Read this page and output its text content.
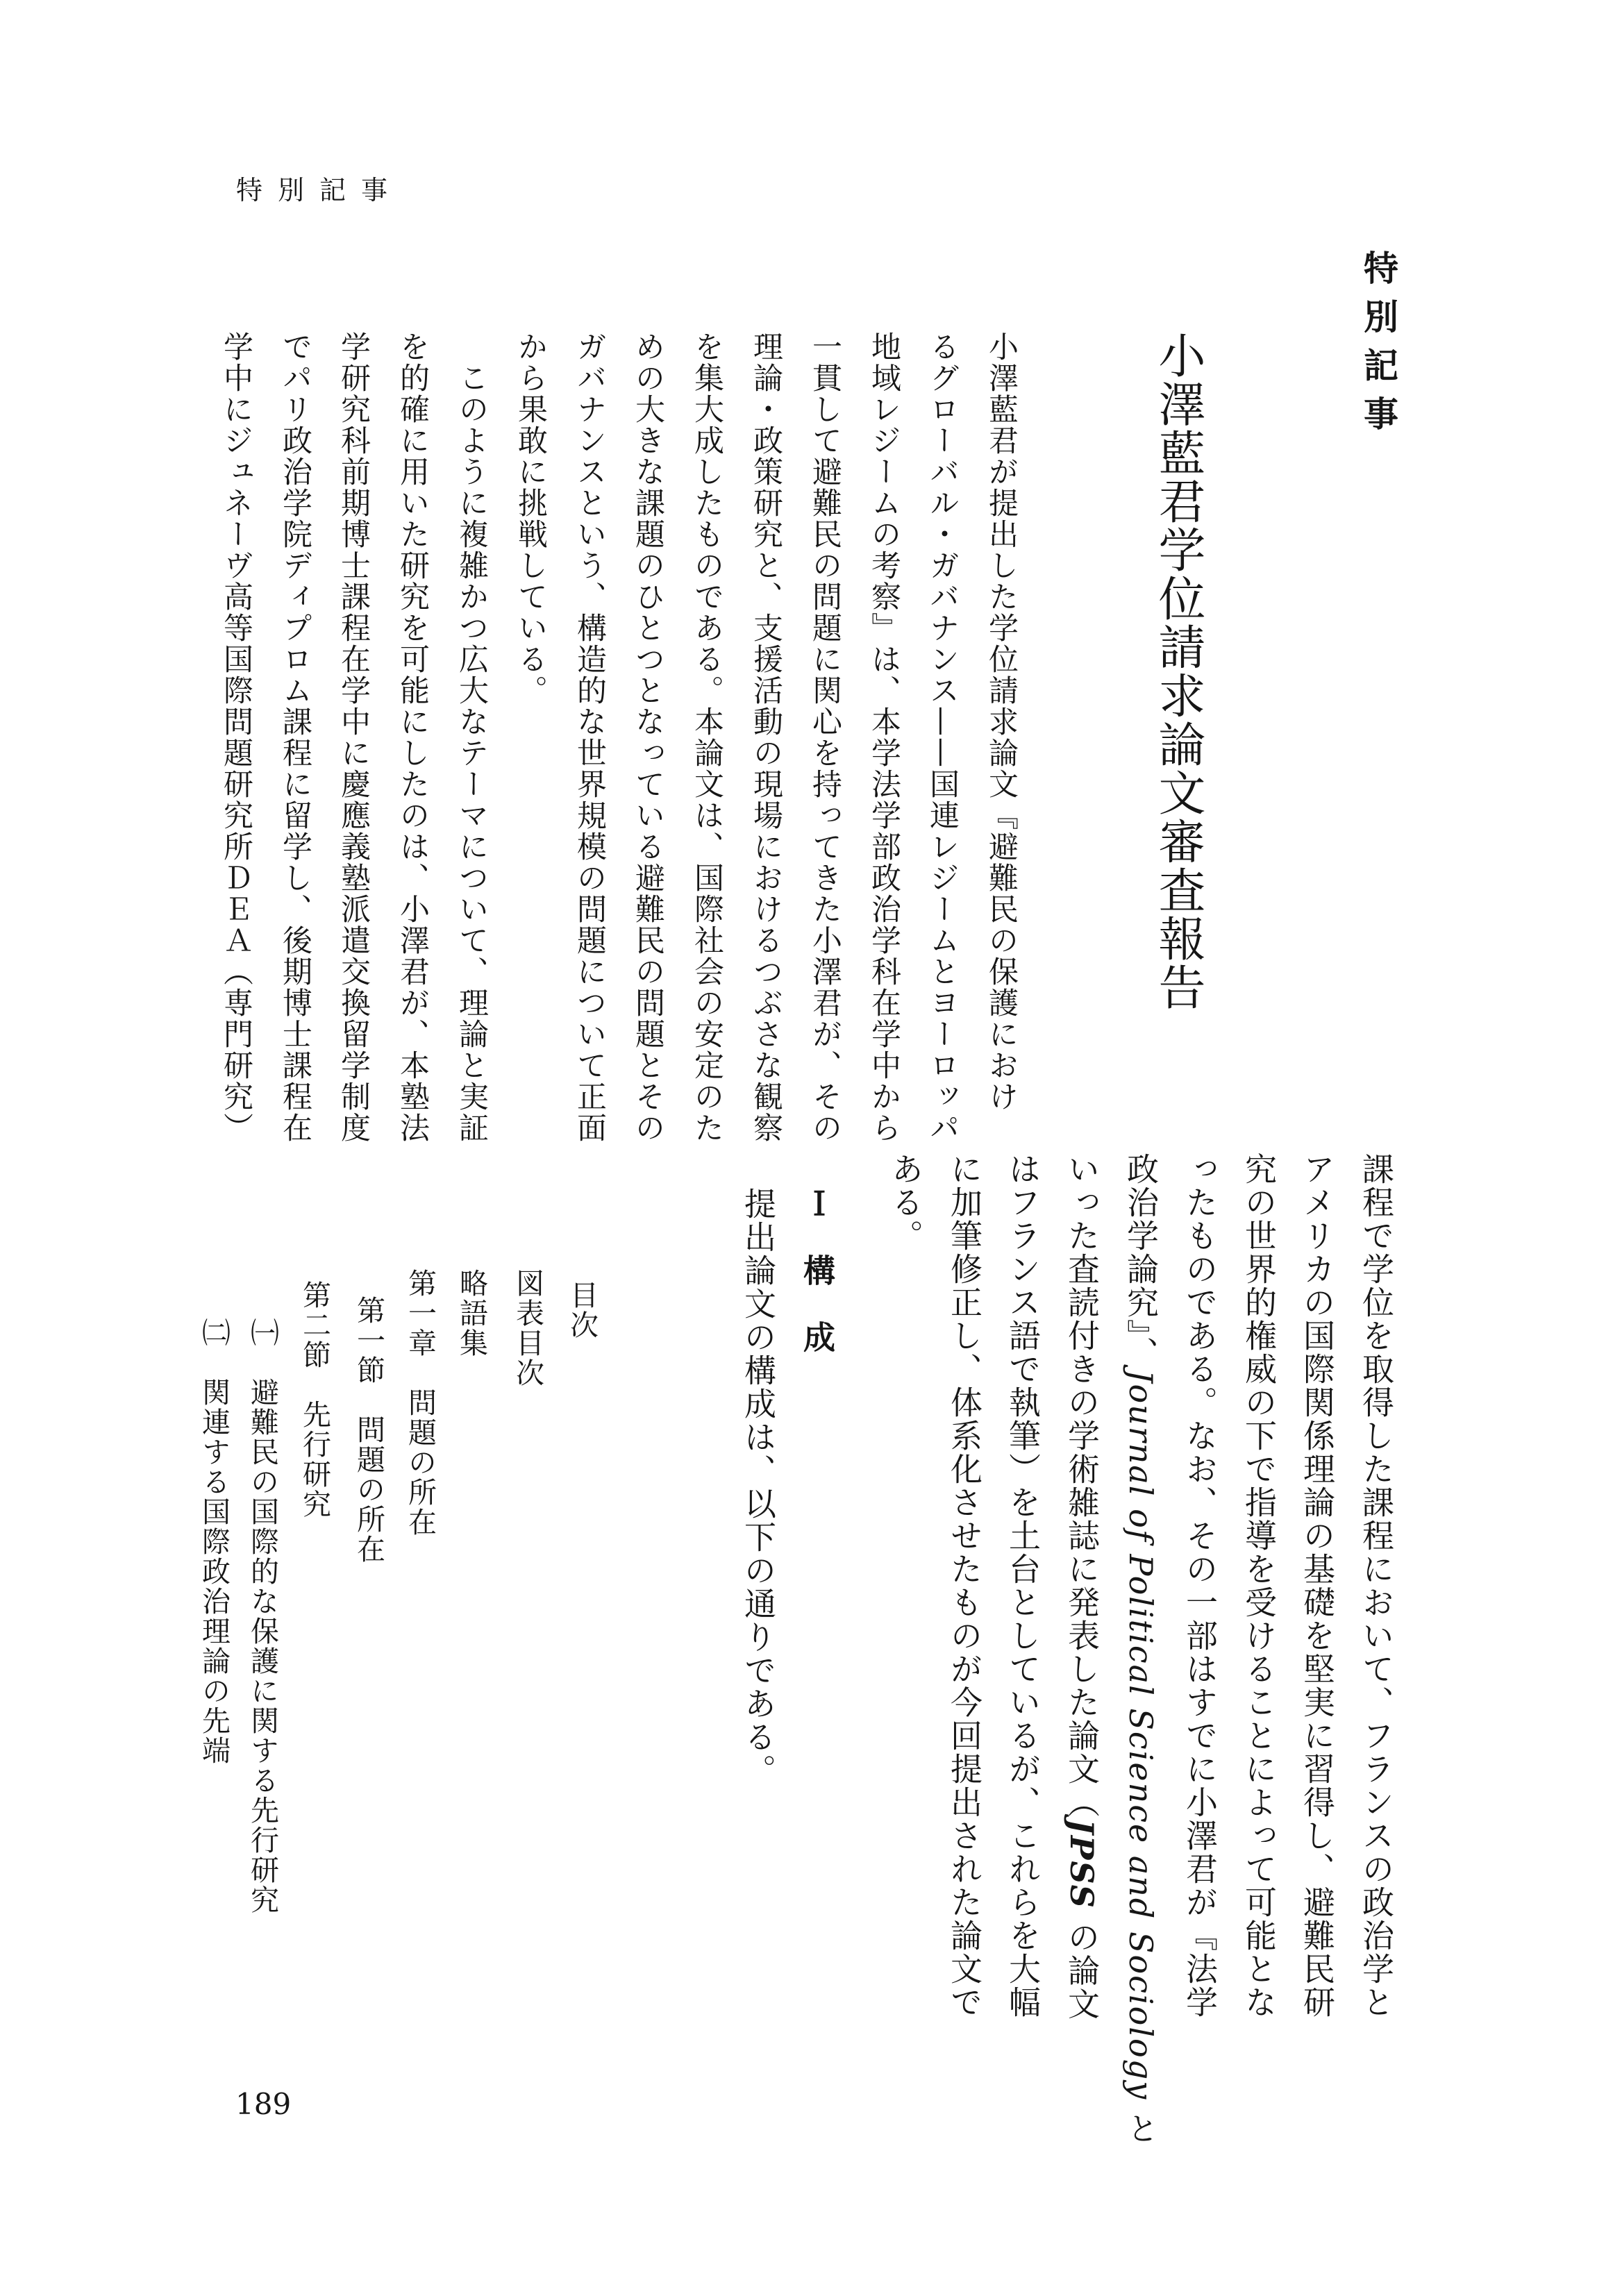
特別記事
特別記事
小澤藍君学位請求論文審査報告
小澤藍君が提出した学位請求論文『避難民の保護におけ
るグローバル・ガバナンス——国連レジームとヨーロッパ
地域レジームの考察』は、本学法学部政治学科在学中から
一貫して避難民の問題に関心を持ってきた小澤君が、その
理論・政策研究と、支援活動の現場におけるつぶさな観察
を集大成したものである。本論文は、国際社会の安定のた
めの大きな課題のひとつとなっている避難民の問題とその
ガバナンスという、構造的な世界規模の問題について正面
から果敢に挑戦している。
　このように複雑かつ広大なテーマについて、理論と実証
を的確に用いた研究を可能にしたのは、小澤君が、本塾法
学研究科前期博士課程在学中に慶應義塾派遣交換留学制度
でパリ政治学院ディプロム課程に留学し、後期博士課程在
学中にジュネーヴ高等国際問題研究所ＤＥＡ（専門研究）
課程で学位を取得した課程において、フランスの政治学と
アメリカの国際関係理論の基礎を堅実に習得し、避難民研
究の世界的権威の下で指導を受けることによって可能とな
ったものである。なお、その一部はすでに小澤君が『法学
政治学論究』、Journal of Political Science and Sociology と
いった査読付きの学術雑誌に発表した論文（JPSS の論文
はフランス語で執筆）を土台としているが、これらを大幅
に加筆修正し、体系化させたものが今回提出された論文で
ある。
Ｉ　構　成
提出論文の構成は、以下の通りである。
目次
図表目次
略語集
第一章　問題の所在
第一節　問題の所在
第二節　先行研究
㈠　避難民の国際的な保護に関する先行研究
㈡　関連する国際政治理論の先端
189
